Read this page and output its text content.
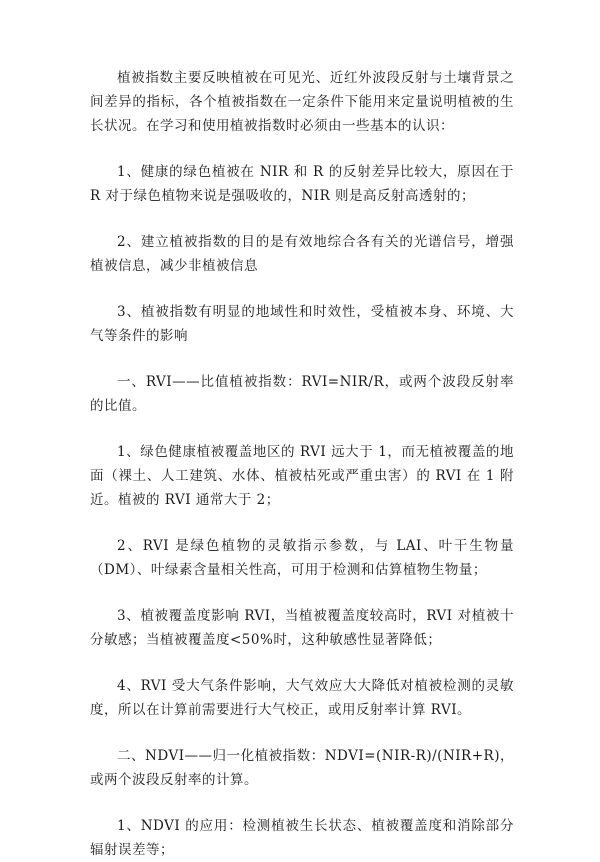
植被指数主要反映植被在可见光、近红外波段反射与土壤背景之间差异的指标，各个植被指数在一定条件下能用来定量说明植被的生长状况。在学习和使用植被指数时必须由一些基本的认识：

1、健康的绿色植被在 NIR 和 R 的反射差异比较大，原因在于 R 对于绿色植物来说是强吸收的，NIR 则是高反射高透射的；

2、建立植被指数的目的是有效地综合各有关的光谱信号，增强植被信息，减少非植被信息

3、植被指数有明显的地域性和时效性，受植被本身、环境、大气等条件的影响

一、RVI——比值植被指数：RVI=NIR/R，或两个波段反射率的比值。

1、绿色健康植被覆盖地区的 RVI 远大于 1，而无植被覆盖的地面（裸土、人工建筑、水体、植被枯死或严重虫害）的 RVI 在 1 附近。植被的 RVI 通常大于 2；

2、RVI 是绿色植物的灵敏指示参数，与 LAI、叶干生物量（DM）、叶绿素含量相关性高，可用于检测和估算植物生物量；

3、植被覆盖度影响 RVI，当植被覆盖度较高时，RVI 对植被十分敏感；当植被覆盖度<50%时，这种敏感性显著降低；

4、RVI 受大气条件影响，大气效应大大降低对植被检测的灵敏度，所以在计算前需要进行大气校正，或用反射率计算 RVI。

二、NDVI——归一化植被指数：NDVI=(NIR-R)/(NIR+R)，或两个波段反射率的计算。

1、NDVI 的应用：检测植被生长状态、植被覆盖度和消除部分辐射误差等；
